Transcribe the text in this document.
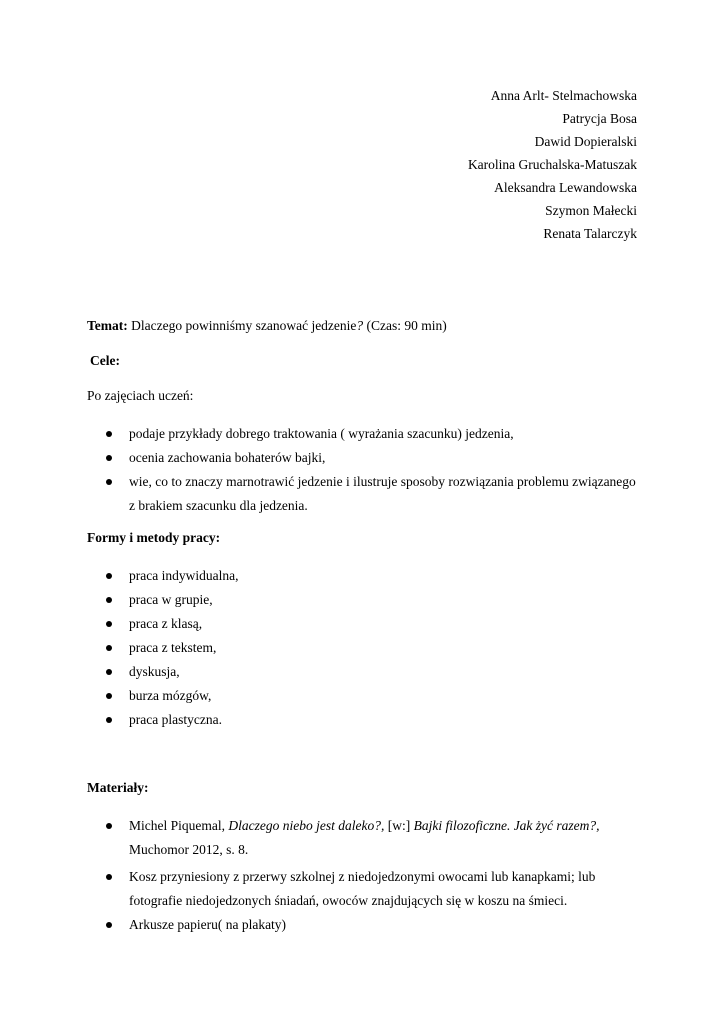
Anna Arlt- Stelmachowska
Patrycja Bosa
Dawid Dopieralski
Karolina Gruchalska-Matuszak
Aleksandra Lewandowska
Szymon Małecki
Renata Talarczyk
Temat: Dlaczego powinniśmy szanować jedzenie? (Czas: 90 min)
Cele:
Po zajęciach uczeń:
podaje przykłady dobrego traktowania ( wyrażania szacunku) jedzenia,
ocenia zachowania bohaterów bajki,
wie, co to znaczy marnotrawić jedzenie i ilustruje sposoby rozwiązania problemu związanego
z brakiem szacunku dla jedzenia.
Formy i metody pracy:
praca indywidualna,
praca w grupie,
praca z klasą,
praca z tekstem,
dyskusja,
burza mózgów,
praca plastyczna.
Materiały:
Michel Piquemal, Dlaczego niebo jest daleko?, [w:] Bajki filozoficzne. Jak żyć razem?,
Muchomor 2012, s. 8.
Kosz przyniesiony z przerwy szkolnej z niedojedzonymi owocami lub kanapkami; lub
fotografie niedojedzonych śniadań, owoców znajdujących się w koszu na śmieci.
Arkusze papieru( na plakaty)
